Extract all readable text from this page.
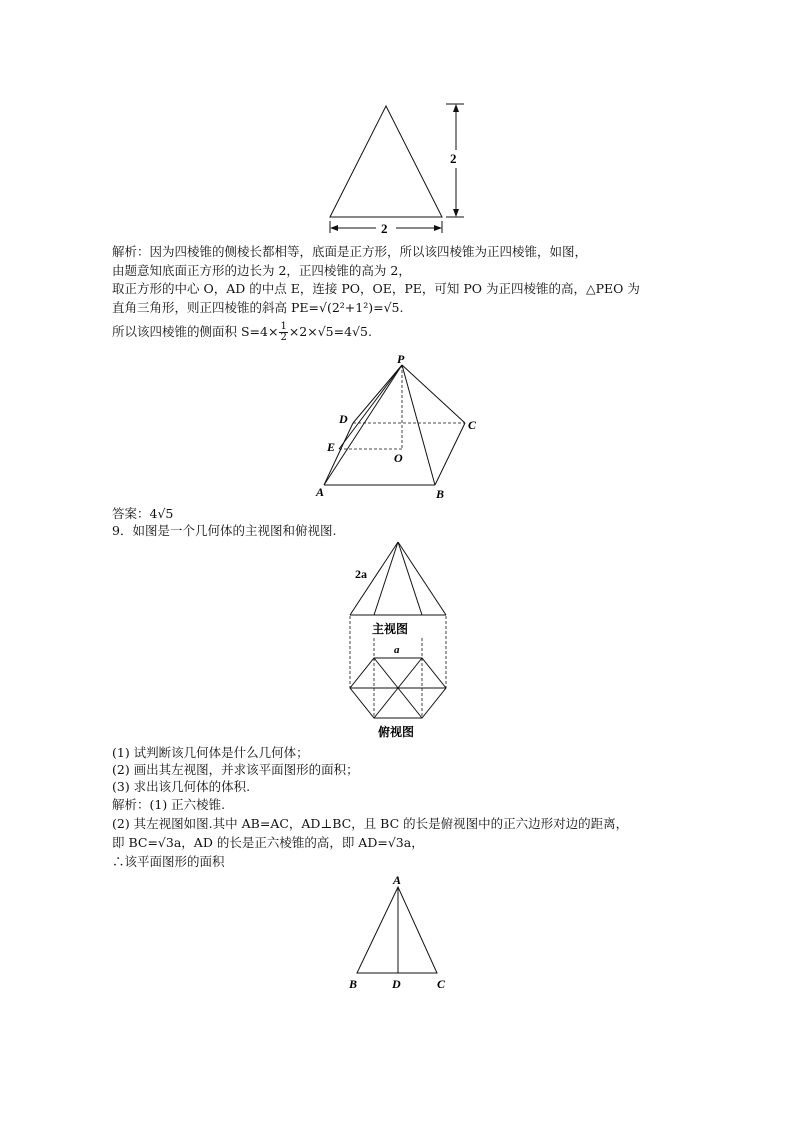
2
2
解析：因为四棱锥的侧棱长都相等，底面是正方形，所以该四棱锥为正四棱锥，如图，
由题意知底面正方形的边长为 2，正四棱锥的高为 2，
取正方形的中心 O，AD 的中点 E，连接 PO，OE，PE，可知 PO 为正四棱锥的高，△PEO 为
直角三角形，则正四棱锥的斜高 PE=√(2²+1²)=√5.
所以该四棱锥的侧面积 $S=4\times \frac{1}{2} \times 2\times√5=4√5$.
P
D	C
E
O
A	B
答案：4√5
9．如图是一个几何体的主视图和俯视图.
2a
主视图
a
俯视图
(1) 试判断该几何体是什么几何体；
(2) 画出其左视图，并求该平面图形的面积；
(3) 求出该几何体的体积.
解析：(1) 正六棱锥.
(2) 其左视图如图.其中 AB=AC，AD⊥BC，且 BC 的长是俯视图中的正六边形对边的距离，
即 BC=√3a，AD 的长是正六棱锥的高，即 AD=√3a，
∴该平面图形的面积
A
B	D	C
